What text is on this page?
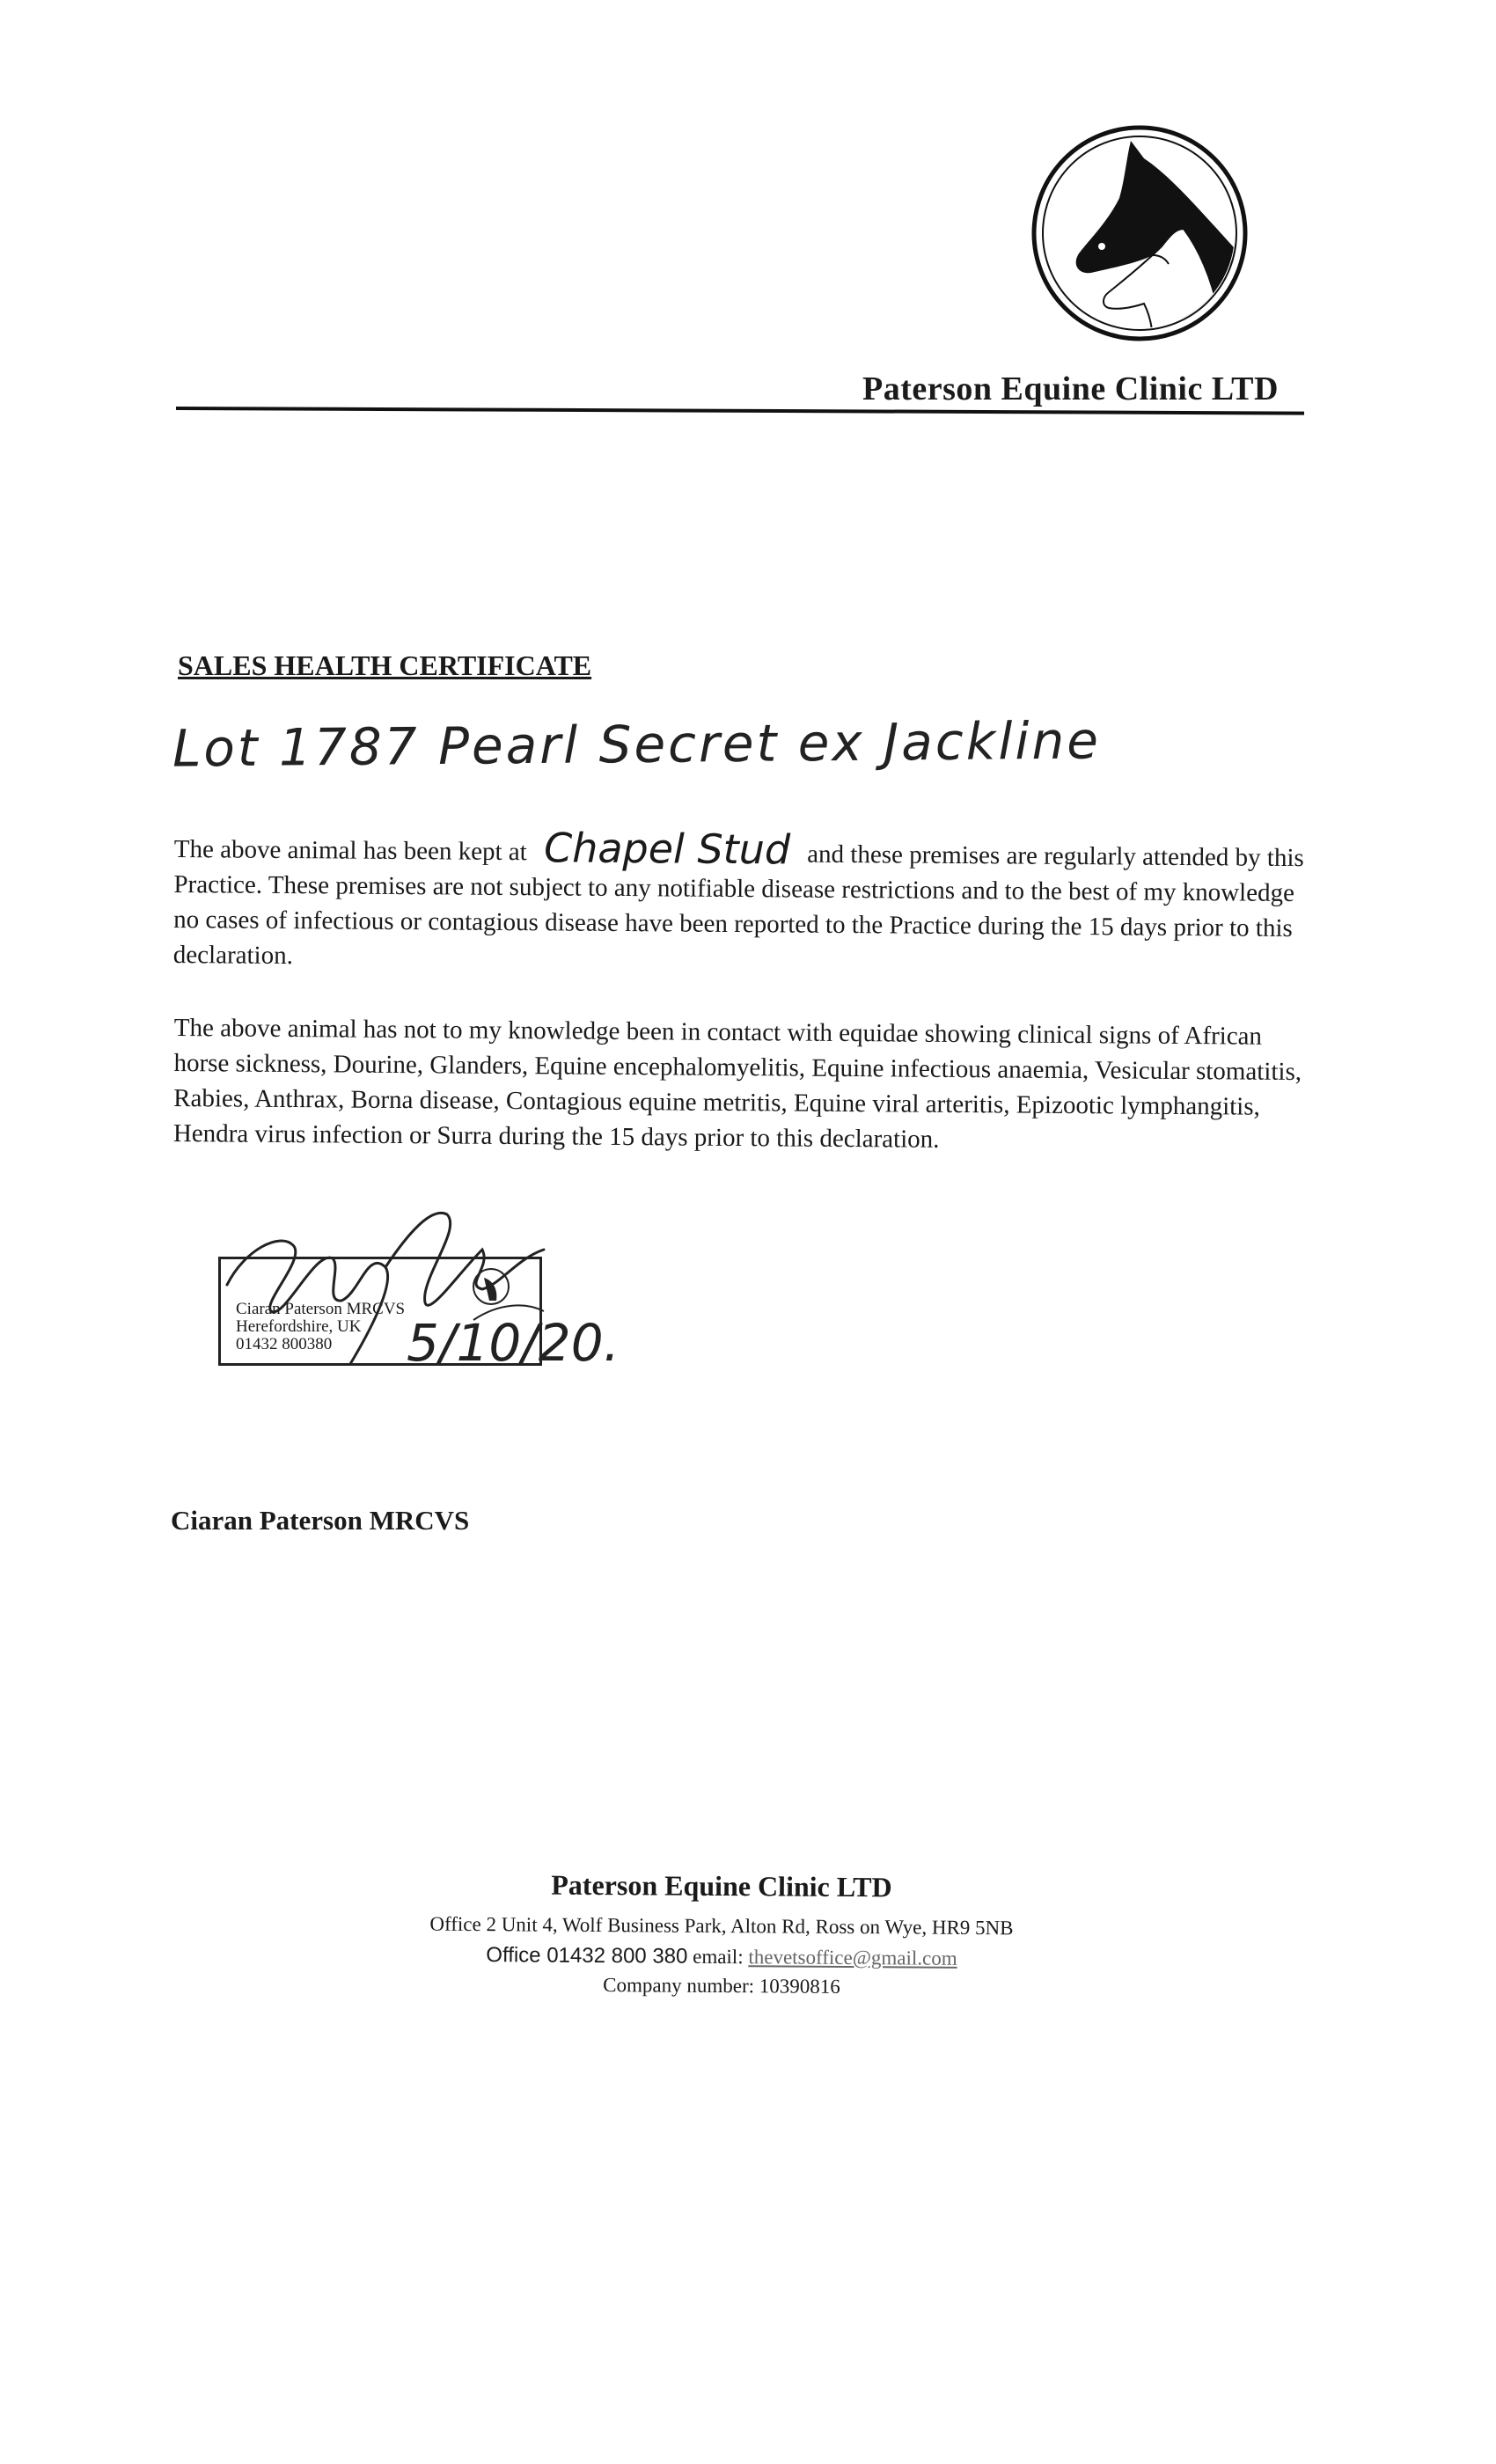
Paterson Equine Clinic LTD
SALES HEALTH CERTIFICATE
Lot 1787 Pearl Secret ex Jackline
The above animal has been kept at Chapel Stud and these premises are regularly attended by this Practice. These premises are not subject to any notifiable disease restrictions and to the best of my knowledge no cases of infectious or contagious disease have been reported to the Practice during the 15 days prior to this declaration.
The above animal has not to my knowledge been in contact with equidae showing clinical signs of African horse sickness, Dourine, Glanders, Equine encephalomyelitis, Equine infectious anaemia, Vesicular stomatitis, Rabies, Anthrax, Borna disease, Contagious equine metritis, Equine viral arteritis, Epizootic lymphangitis, Hendra virus infection or Surra during the 15 days prior to this declaration.
Ciaran Paterson MRCVS
Herefordshire, UK
01432 800380	5/10/20.
Ciaran Paterson MRCVS
Paterson Equine Clinic LTD
Office 2 Unit 4, Wolf Business Park, Alton Rd, Ross on Wye, HR9 5NB
Office 01432 800 380 email: thevetsoffice@gmail.com
Company number: 10390816
